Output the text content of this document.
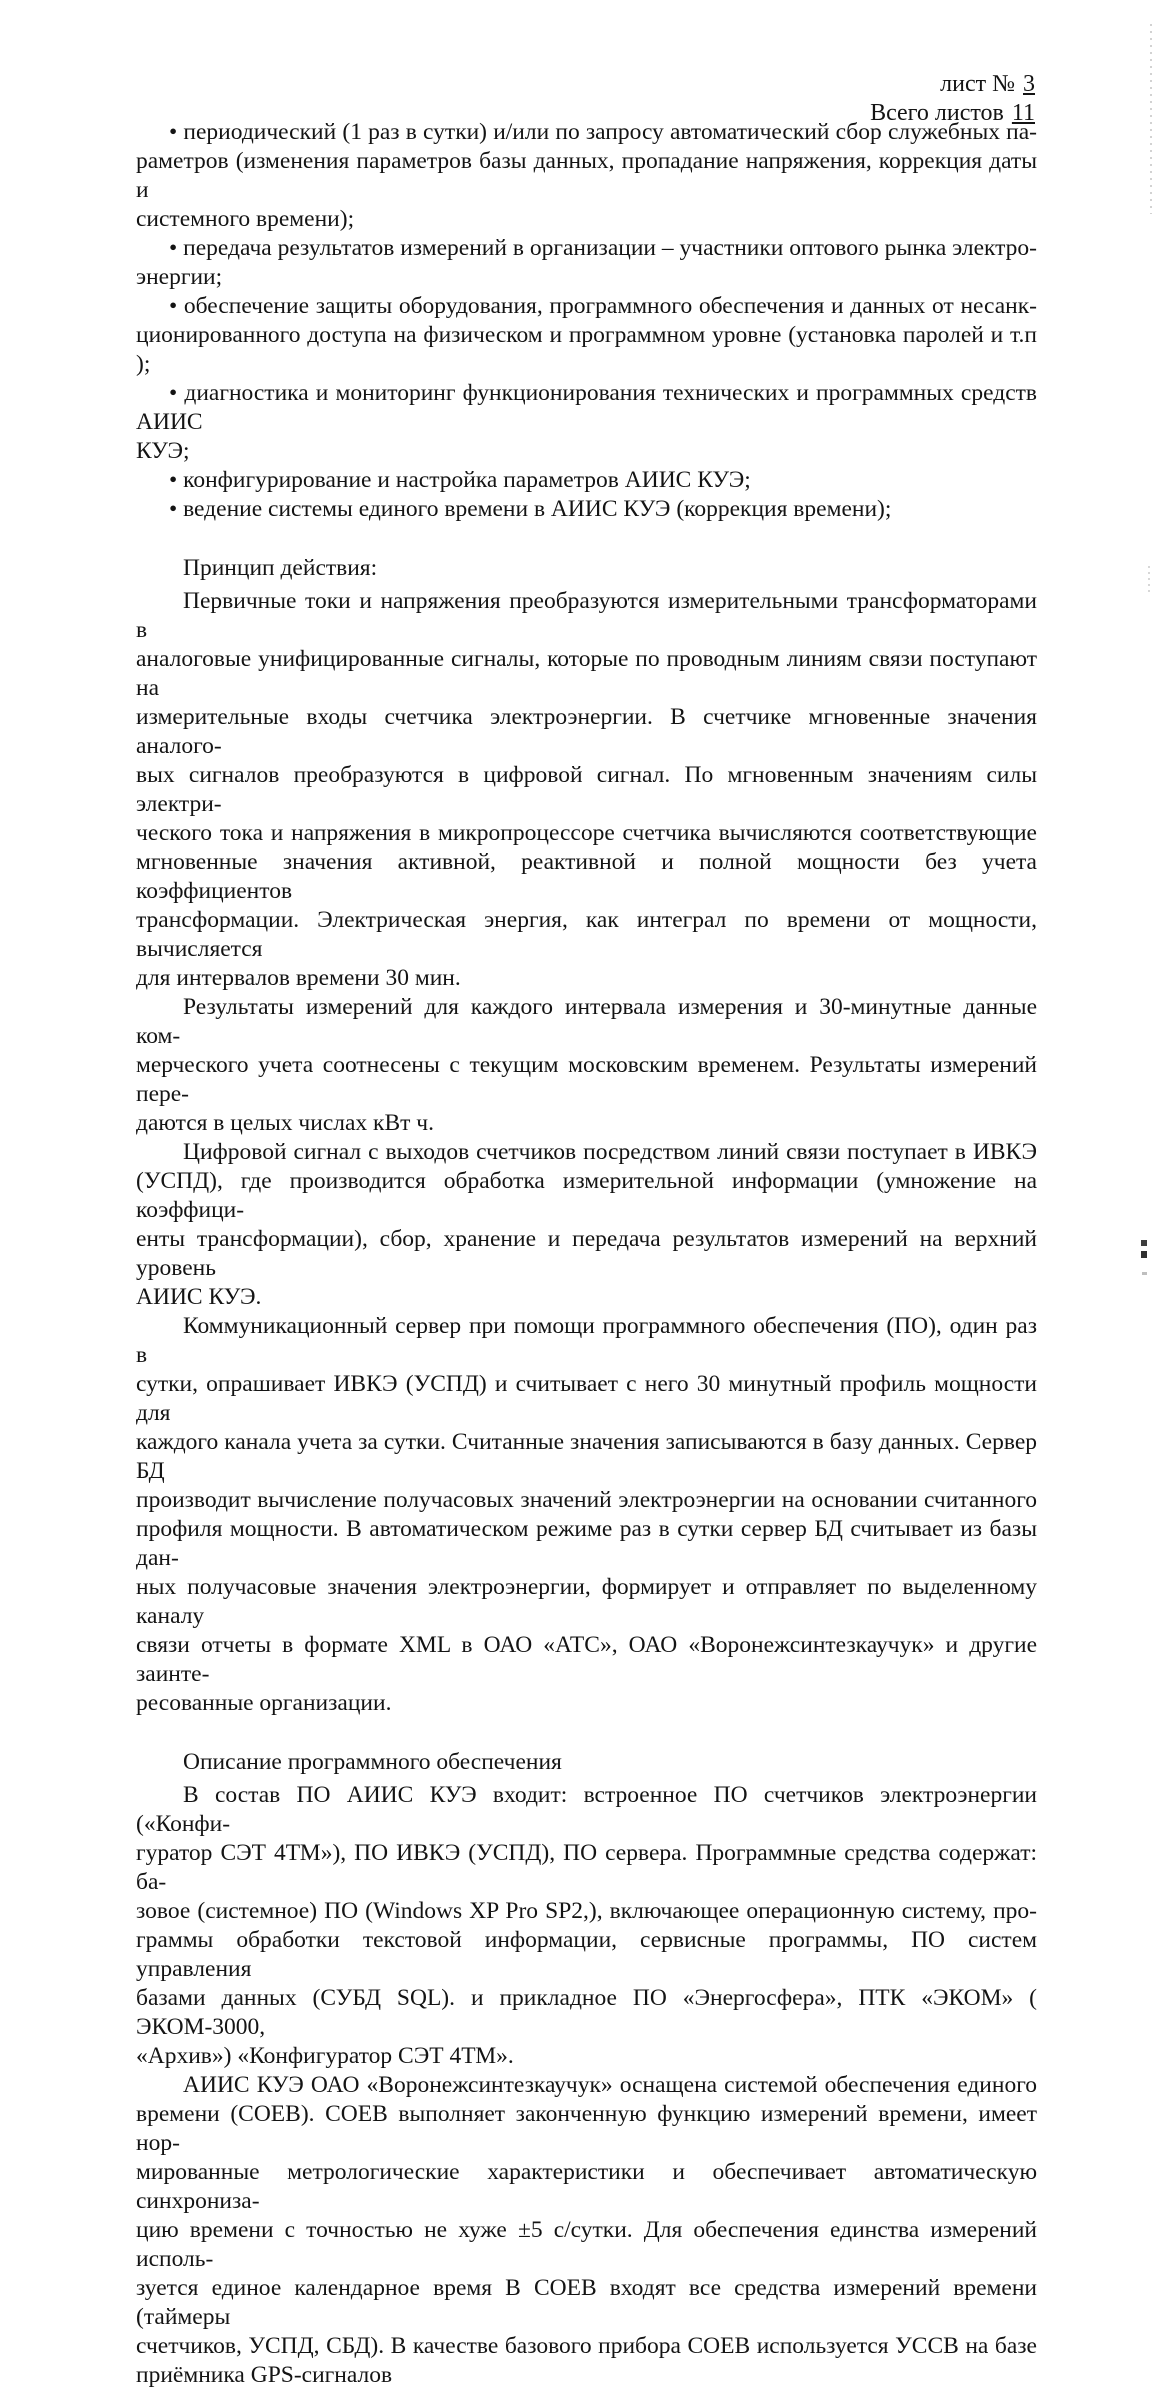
лист № 3
Всего листов 11
• периодический (1 раз в сутки) и/или по запросу автоматический сбор служебных па-
раметров (изменения параметров базы данных, пропадание напряжения, коррекция даты и
системного времени);
• передача результатов измерений в организации – участники оптового рынка электро-
энергии;
• обеспечение защиты оборудования, программного обеспечения и данных от несанк-
ционированного доступа на физическом и программном уровне (установка паролей и т.п );
• диагностика и мониторинг функционирования технических и программных средств АИИС
КУЭ;
• конфигурирование и настройка параметров АИИС КУЭ;
• ведение системы единого времени в АИИС КУЭ (коррекция времени);
Принцип действия:
Первичные токи и напряжения преобразуются измерительными трансформаторами в
аналоговые унифицированные сигналы, которые по проводным линиям связи поступают на
измерительные входы счетчика электроэнергии. В счетчике мгновенные значения аналого-
вых сигналов преобразуются в цифровой сигнал. По мгновенным значениям силы электри-
ческого тока и напряжения в микропроцессоре счетчика вычисляются соответствующие
мгновенные значения активной, реактивной и полной мощности без учета коэффициентов
трансформации. Электрическая энергия, как интеграл по времени от мощности, вычисляется
для интервалов времени 30 мин.
Результаты измерений для каждого интервала измерения и 30-минутные данные ком-
мерческого учета соотнесены с текущим московским временем. Результаты измерений пере-
даются в целых числах кВт ч.
Цифровой сигнал с выходов счетчиков посредством линий связи поступает в ИВКЭ
(УСПД), где производится обработка измерительной информации (умножение на коэффици-
енты трансформации), сбор, хранение и передача результатов измерений на верхний уровень
АИИС КУЭ.
Коммуникационный сервер при помощи программного обеспечения (ПО), один раз в
сутки, опрашивает ИВКЭ (УСПД) и считывает с него 30 минутный профиль мощности для
каждого канала учета за сутки. Считанные значения записываются в базу данных. Сервер БД
производит вычисление получасовых значений электроэнергии на основании считанного
профиля мощности. В автоматическом режиме раз в сутки сервер БД считывает из базы дан-
ных получасовые значения электроэнергии, формирует и отправляет по выделенному каналу
связи отчеты в формате XML в ОАО «АТС», ОАО «Воронежсинтезкаучук» и другие заинте-
ресованные организации.
Описание программного обеспечения
В состав ПО АИИС КУЭ входит: встроенное ПО счетчиков электроэнергии («Конфи-
гуратор СЭТ 4ТМ»), ПО ИВКЭ (УСПД), ПО сервера. Программные средства содержат: ба-
зовое (системное) ПО (Windows XP Pro SP2,), включающее операционную систему, про-
граммы обработки текстовой информации, сервисные программы, ПО систем управления
базами данных (СУБД SQL). и прикладное ПО «Энергосфера», ПТК «ЭКОМ» ( ЭКОМ-3000,
«Архив») «Конфигуратор СЭТ 4ТМ».
АИИС КУЭ ОАО «Воронежсинтезкаучук» оснащена системой обеспечения единого
времени (СОЕВ). СОЕВ выполняет законченную функцию измерений времени, имеет нор-
мированные метрологические характеристики и обеспечивает автоматическую синхрониза-
цию времени с точностью не хуже ±5 с/сутки. Для обеспечения единства измерений исполь-
зуется единое календарное время В СОЕВ входят все средства измерений времени (таймеры
счетчиков, УСПД, СБД). В качестве базового прибора СОЕВ используется УССВ на базе
приёмника GPS-сигналов
